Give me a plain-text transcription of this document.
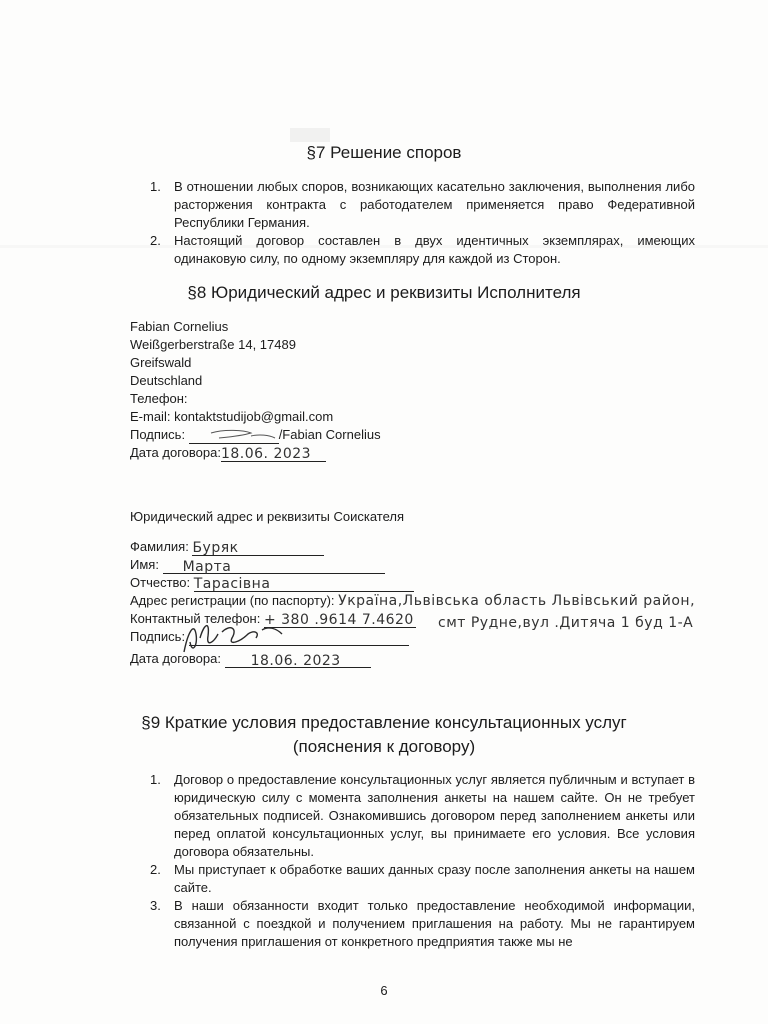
§7 Решение споров
1. В отношении любых споров, возникающих касательно заключения, выполнения либо расторжения контракта с работодателем применяется право Федеративной Республики Германия.
2. Настоящий договор составлен в двух идентичных экземплярах, имеющих одинаковую силу, по одному экземпляру для каждой из Сторон.
§8 Юридический адрес и реквизиты Исполнителя
Fabian Cornelius
Weißgerberstraße 14, 17489
Greifswald
Deutschland
Телефон:
E-mail: kontaktstudijob@gmail.com
Подпись:	/Fabian Cornelius
Дата договора:18.06. 2023
Юридический адрес и реквизиты Соискателя
Фамилия: Буряк
Имя: Марта
Отчество: Тарасівна
Адрес регистрации (по паспорту): Україна,Львівська область Львівський район,
Контактный телефон: + 380 .9614 7.4620 смт Рудне,вул .Дитяча 1 буд 1-А
Подпись:
Дата договора: 18.06. 2023
§9 Краткие условия предоставление консультационных услуг
(пояснения к договору)
1. Договор о предоставление консультационных услуг является публичным и вступает в юридическую силу с момента заполнения анкеты на нашем сайте. Он не требует обязательных подписей. Ознакомившись договором перед заполнением анкеты или перед оплатой консультационных услуг, вы принимаете его условия. Все условия договора обязательны.
2. Мы приступает к обработке ваших данных сразу после заполнения анкеты на нашем сайте.
3. В наши обязанности входит только предоставление необходимой информации, связанной с поездкой и получением приглашения на работу. Мы не гарантируем получения приглашения от конкретного предприятия также мы не
6
